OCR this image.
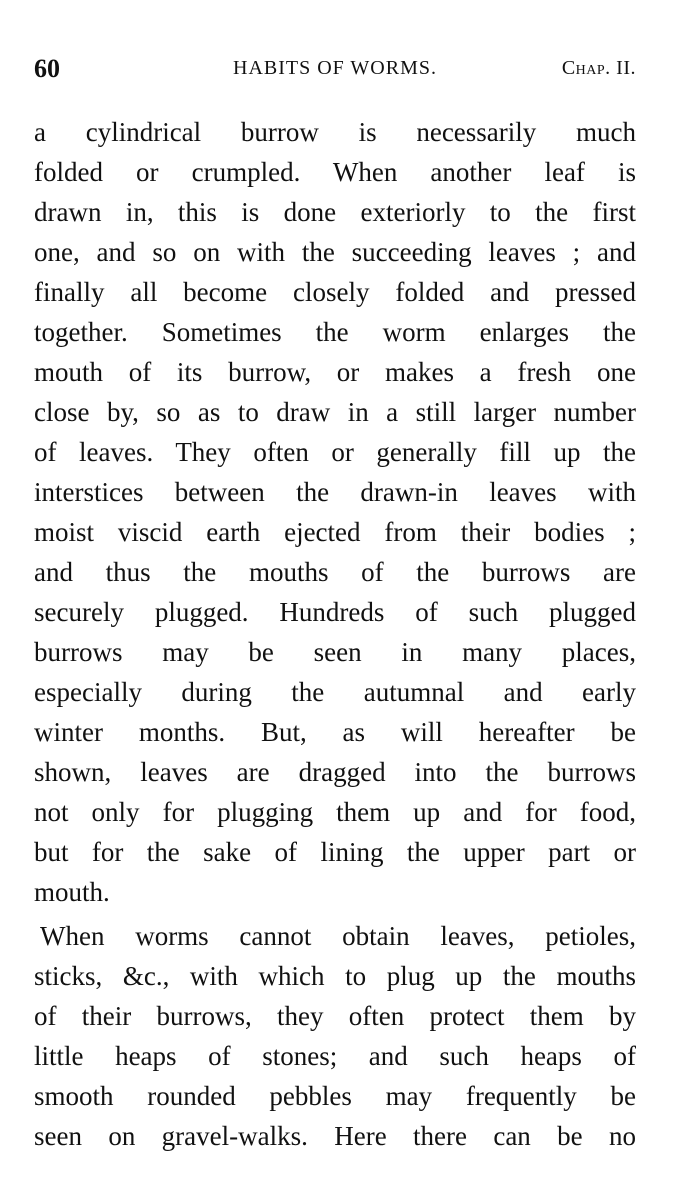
60	HABITS OF WORMS.	Chap. II.
a cylindrical burrow is necessarily much
folded or crumpled. When another leaf is
drawn in, this is done exteriorly to the first
one, and so on with the succeeding leaves ; and
finally all become closely folded and pressed
together. Sometimes the worm enlarges the
mouth of its burrow, or makes a fresh one
close by, so as to draw in a still larger number
of leaves. They often or generally fill up the
interstices between the drawn-in leaves with
moist viscid earth ejected from their bodies ;
and thus the mouths of the burrows are
securely plugged. Hundreds of such plugged
burrows may be seen in many places,
especially during the autumnal and early
winter months. But, as will hereafter be
shown, leaves are dragged into the burrows
not only for plugging them up and for food,
but for the sake of lining the upper part or
mouth.
When worms cannot obtain leaves, petioles,
sticks, &c., with which to plug up the mouths
of their burrows, they often protect them by
little heaps of stones; and such heaps of
smooth rounded pebbles may frequently be
seen on gravel-walks. Here there can be no
